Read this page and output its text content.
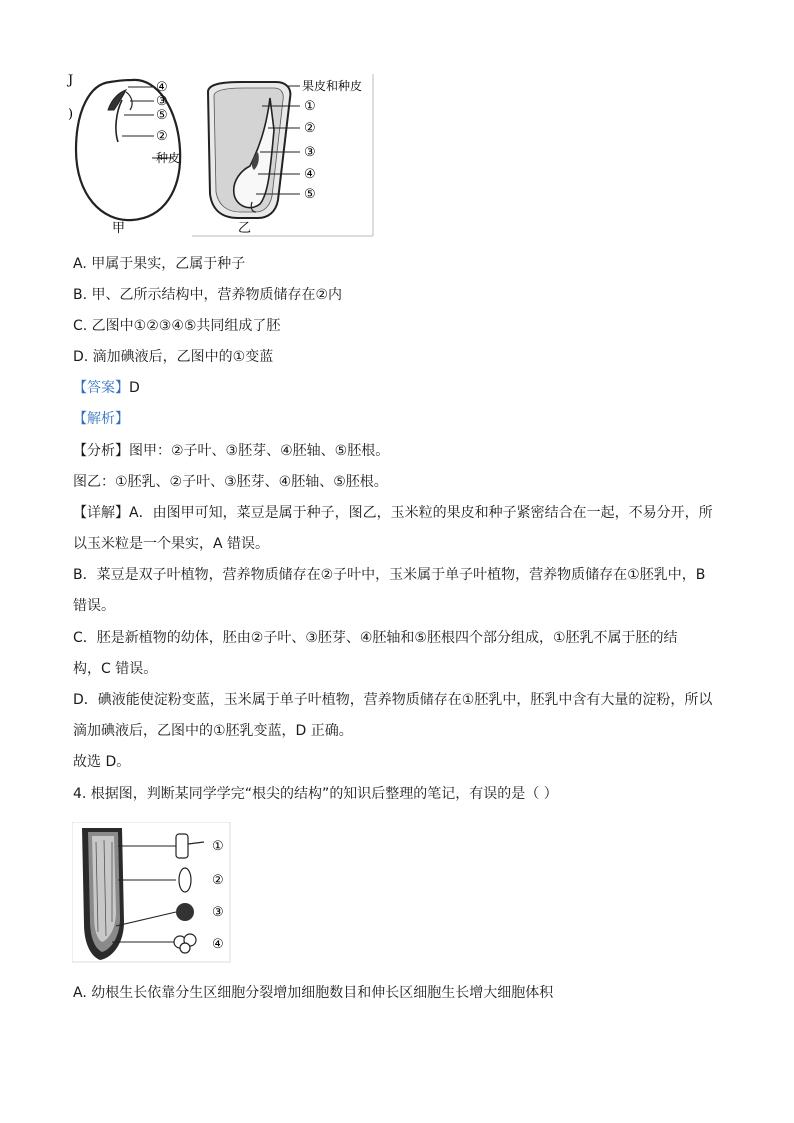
J
)
④
③
⑤
②
种皮
甲
果皮和种皮
①
②
③
④
⑤
乙
A. 甲属于果实，乙属于种子
B. 甲、乙所示结构中，营养物质储存在②内
C. 乙图中①②③④⑤共同组成了胚
D. 滴加碘液后，乙图中的①变蓝
【答案】D
【解析】
【分析】图甲：②子叶、③胚芽、④胚轴、⑤胚根。
图乙：①胚乳、②子叶、③胚芽、④胚轴、⑤胚根。
【详解】A．由图甲可知，菜豆是属于种子，图乙，玉米粒的果皮和种子紧密结合在一起，不易分开，所
以玉米粒是一个果实，A 错误。
B．菜豆是双子叶植物，营养物质储存在②子叶中，玉米属于单子叶植物，营养物质储存在①胚乳中，B
错误。
C．胚是新植物的幼体，胚由②子叶、③胚芽、④胚轴和⑤胚根四个部分组成，①胚乳不属于胚的结
构，C 错误。
D．碘液能使淀粉变蓝，玉米属于单子叶植物，营养物质储存在①胚乳中，胚乳中含有大量的淀粉，所以
滴加碘液后，乙图中的①胚乳变蓝，D 正确。
故选 D。
4. 根据图，判断某同学学完“根尖的结构”的知识后整理的笔记，有误的是（ ）
①
②
③
④
A. 幼根生长依靠分生区细胞分裂增加细胞数目和伸长区细胞生长增大细胞体积
